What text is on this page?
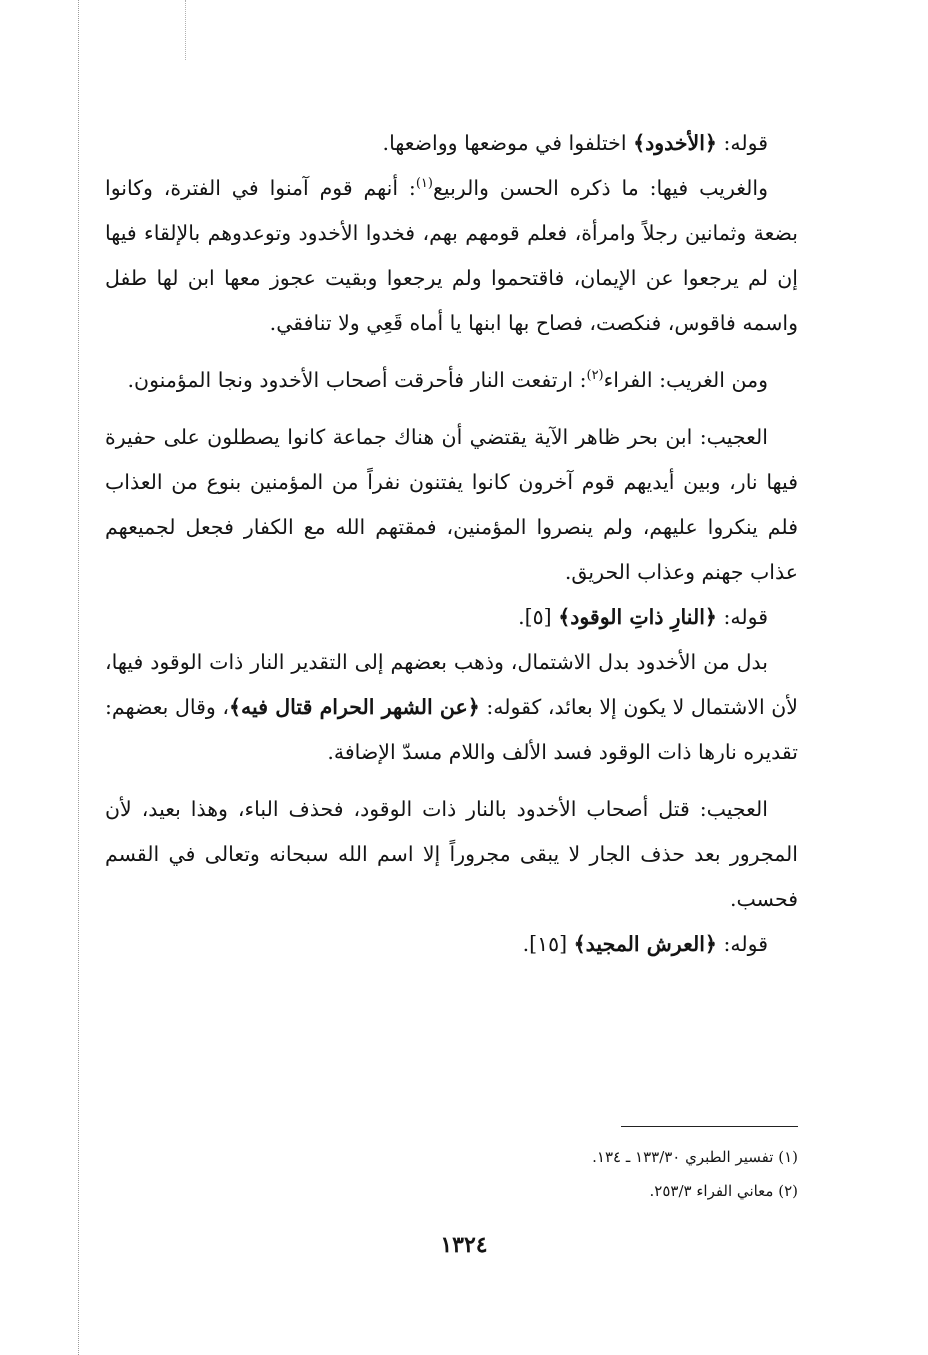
قوله: ﴿الأخدود﴾ اختلفوا في موضعها وواضعها.

والغريب فيها: ما ذكره الحسن والربيع$^{(١)}$: أنهم قوم آمنوا في الفترة، وكانوا بضعة وثمانين رجلاً وامرأة، فعلم قومهم بهم، فخدوا الأخدود وتوعدوهم بالإلقاء فيها إن لم يرجعوا عن الإيمان، فاقتحموا ولم يرجعوا وبقيت عجوز معها ابن لها طفل واسمه فاقوس، فنكصت، فصاح بها ابنها يا أماه قَعِي ولا تنافقي.

ومن الغريب: الفراء$^{(٢)}$: ارتفعت النار فأحرقت أصحاب الأخدود ونجا المؤمنون.

العجيب: ابن بحر ظاهر الآية يقتضي أن هناك جماعة كانوا يصطلون على حفيرة فيها نار، وبين أيديهم قوم آخرون كانوا يفتنون نفراً من المؤمنين بنوع من العذاب فلم ينكروا عليهم، ولم ينصروا المؤمنين، فمقتهم الله مع الكفار فجعل لجميعهم عذاب جهنم وعذاب الحريق.

قوله: ﴿النارِ ذاتِ الوقود﴾ [٥].

بدل من الأخدود بدل الاشتمال، وذهب بعضهم إلى التقدير النار ذات الوقود فيها، لأن الاشتمال لا يكون إلا بعائد، كقوله: ﴿عن الشهر الحرام قتال فيه﴾، وقال بعضهم: تقديره نارها ذات الوقود فسد الألف واللام مسدّ الإضافة.

العجيب: قتل أصحاب الأخدود بالنار ذات الوقود، فحذف الباء، وهذا بعيد، لأن المجرور بعد حذف الجار لا يبقى مجروراً إلا اسم الله سبحانه وتعالى في القسم فحسب.

قوله: ﴿العرش المجيد﴾ [١٥].

(١) تفسير الطبري ١٣٣/٣٠ ـ ١٣٤.

(٢) معاني الفراء ٢٥٣/٣.

١٣٢٤
